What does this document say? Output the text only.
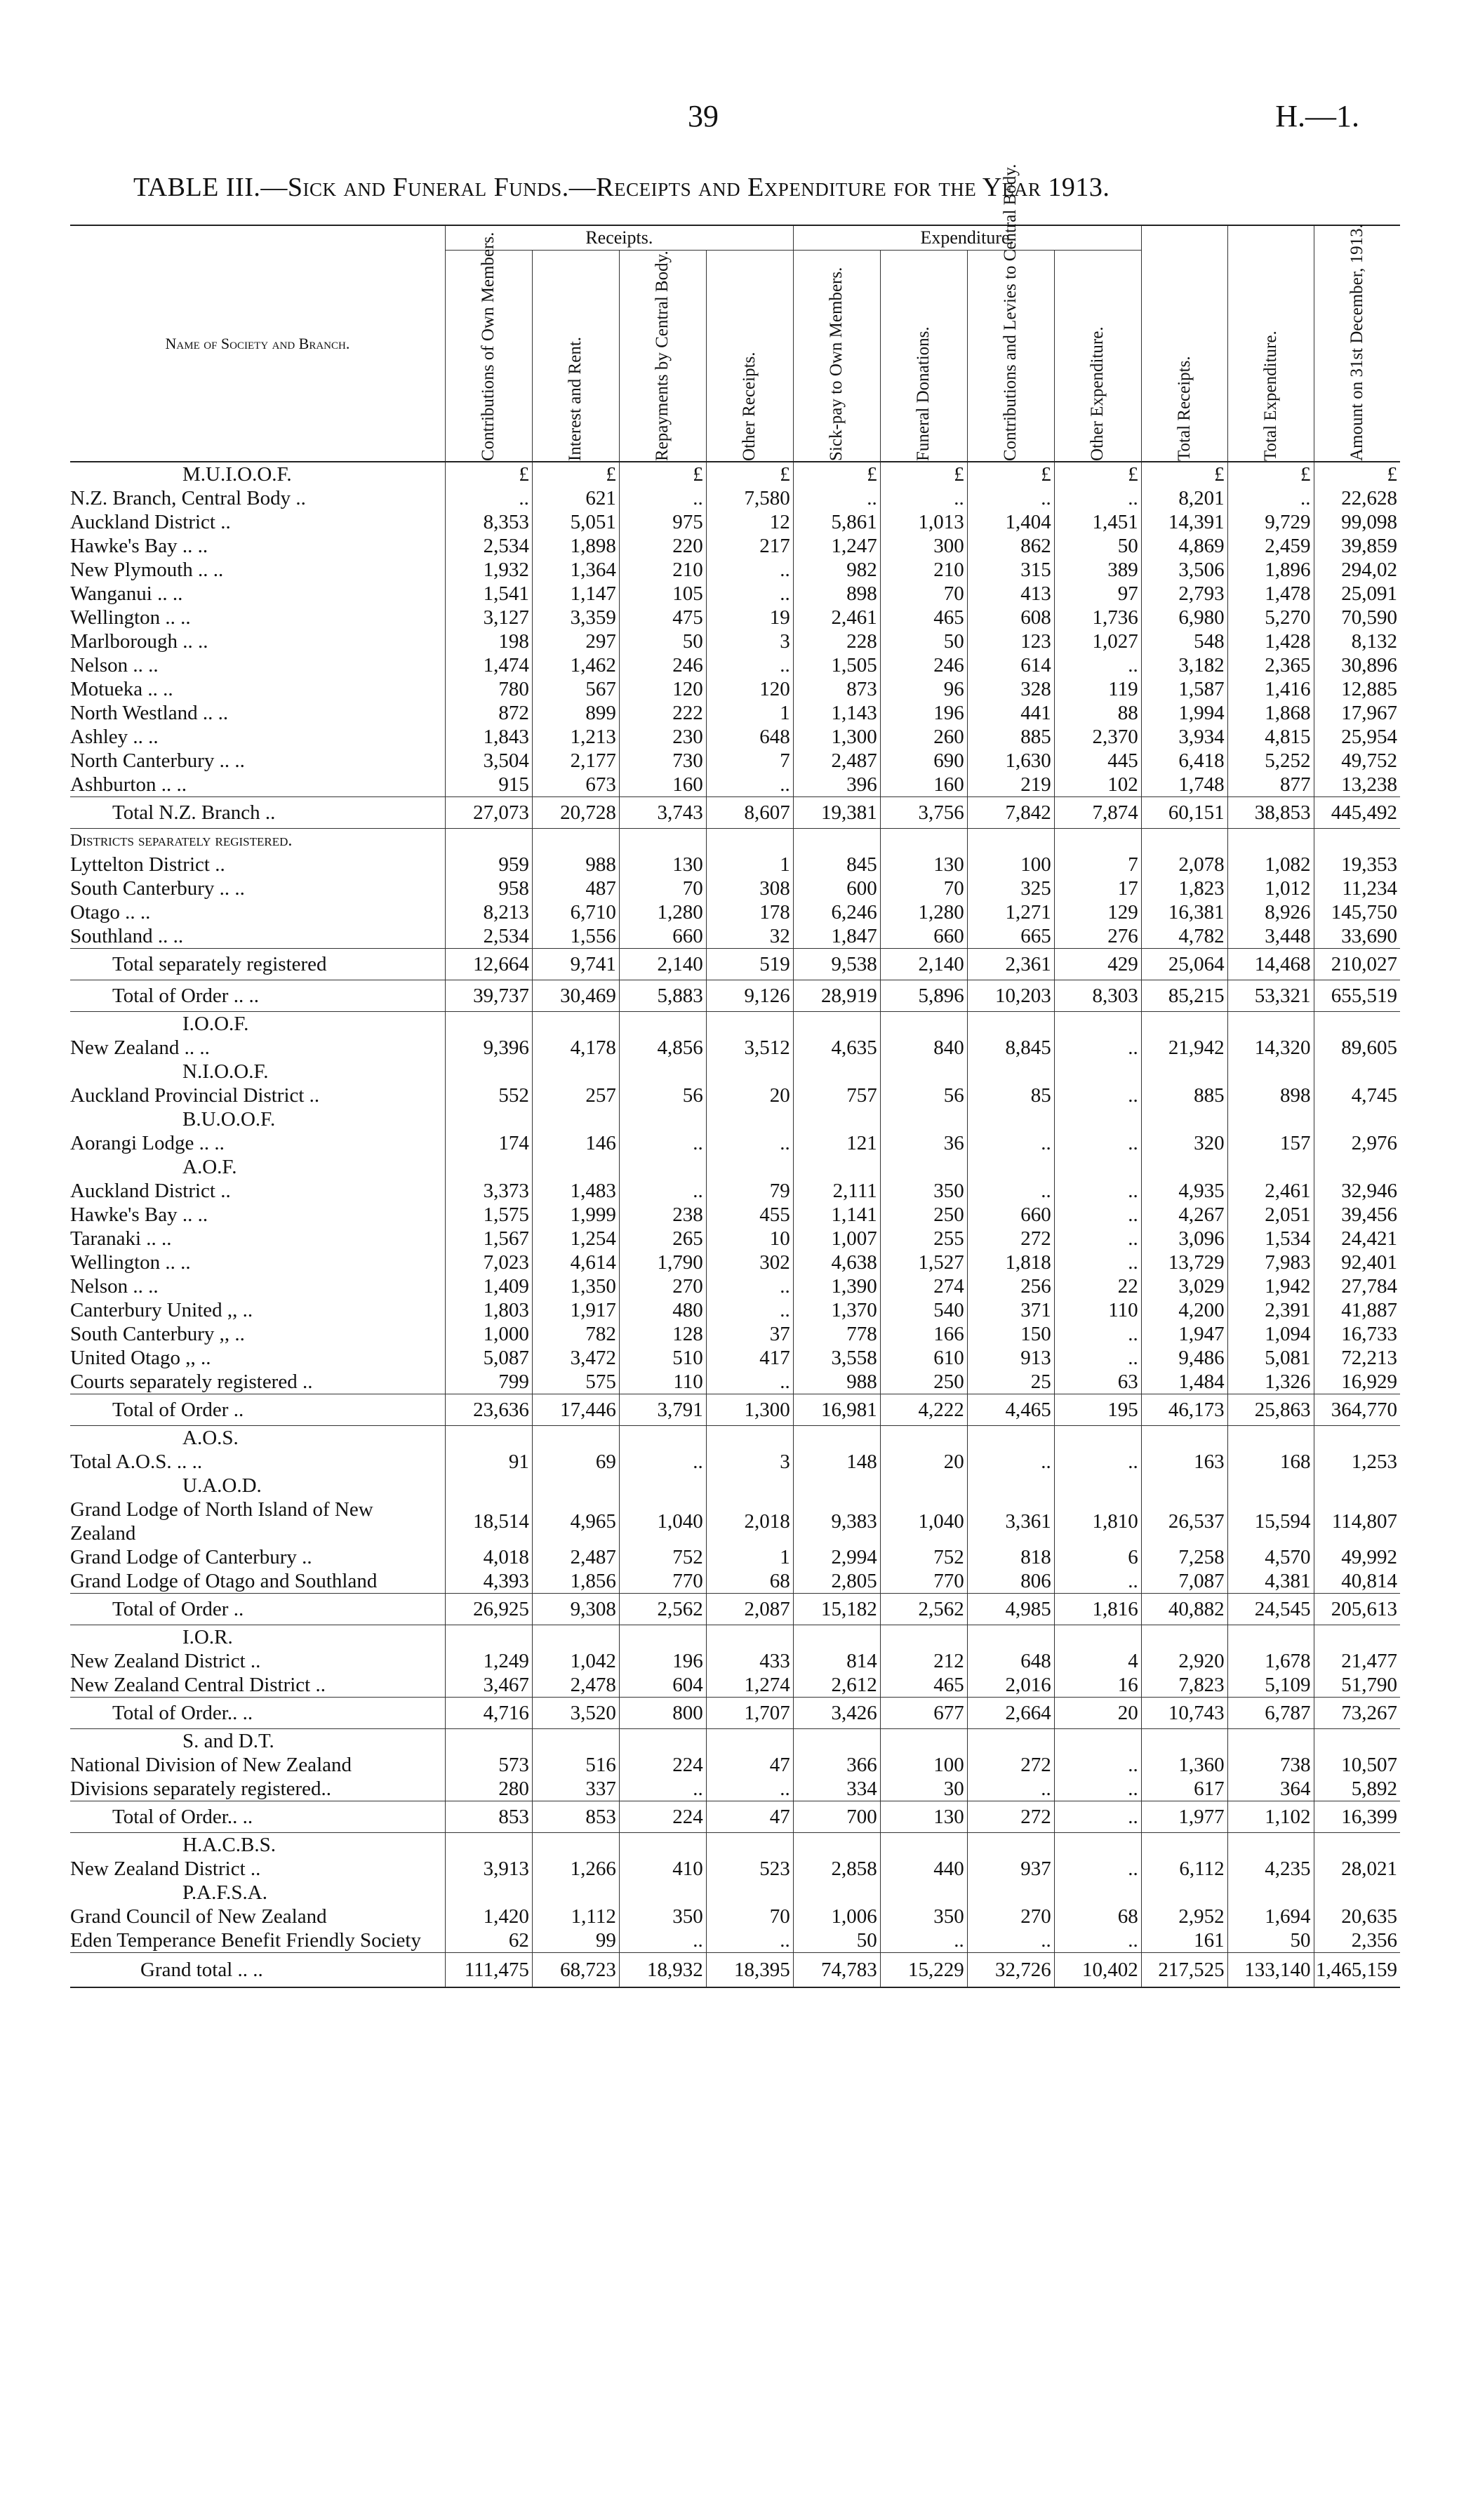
39	H.—1.
TABLE III.—Sick and Funeral Funds.—Receipts and Expenditure for the Year 1913.
Name of Society and Branch.	Receipts.				Expenditure.				Total Receipts.	Total Expenditure.	Amount on 31st December, 1913.

	Contributions of Own Members.	Interest and Rent.	Repayments by Central Body.	Other Receipts.	Sick-pay to Own Members.	Funeral Donations.	Contributions and Levies to Central Body.	Other Expenditure.			

M.U.I.O.O.F.	£	£	£	£	£	£	£	£	£	£	£
N.Z. Branch, Central Body ..	..	621	..	7,580	..	..	..	..	8,201	..	22,628
Auckland District ..	8,353	5,051	975	12	5,861	1,013	1,404	1,451	14,391	9,729	99,098
Hawke's Bay .. ..	2,534	1,898	220	217	1,247	300	862	50	4,869	2,459	39,859
New Plymouth .. ..	1,932	1,364	210	..	982	210	315	389	3,506	1,896	294,02
Wanganui .. ..	1,541	1,147	105	..	898	70	413	97	2,793	1,478	25,091
Wellington .. ..	3,127	3,359	475	19	2,461	465	608	1,736	6,980	5,270	70,590
Marlborough .. ..	198	297	50	3	228	50	123	1,027	548	1,428	8,132
Nelson .. ..	1,474	1,462	246	..	1,505	246	614	..	3,182	2,365	30,896
Motueka .. ..	780	567	120	120	873	96	328	119	1,587	1,416	12,885
North Westland .. ..	872	899	222	1	1,143	196	441	88	1,994	1,868	17,967
Ashley .. ..	1,843	1,213	230	648	1,300	260	885	2,370	3,934	4,815	25,954
North Canterbury .. ..	3,504	2,177	730	7	2,487	690	1,630	445	6,418	5,252	49,752
Ashburton .. ..	915	673	160	..	396	160	219	102	1,748	877	13,238
Total N.Z. Branch ..	27,073	20,728	3,743	8,607	19,381	3,756	7,842	7,874	60,151	38,853	445,492
Districts separately registered.											
Lyttelton District ..	959	988	130	1	845	130	100	7	2,078	1,082	19,353
South Canterbury .. ..	958	487	70	308	600	70	325	17	1,823	1,012	11,234
Otago .. ..	8,213	6,710	1,280	178	6,246	1,280	1,271	129	16,381	8,926	145,750
Southland .. ..	2,534	1,556	660	32	1,847	660	665	276	4,782	3,448	33,690
Total separately registered	12,664	9,741	2,140	519	9,538	2,140	2,361	429	25,064	14,468	210,027
Total of Order .. ..	39,737	30,469	5,883	9,126	28,919	5,896	10,203	8,303	85,215	53,321	655,519
I.O.O.F.											
New Zealand .. ..	9,396	4,178	4,856	3,512	4,635	840	8,845	..	21,942	14,320	89,605
N.I.O.O.F.											
Auckland Provincial District ..	552	257	56	20	757	56	85	..	885	898	4,745
B.U.O.O.F.											
Aorangi Lodge .. ..	174	146	..	..	121	36	..	..	320	157	2,976
A.O.F.											
Auckland District ..	3,373	1,483	..	79	2,111	350	..	..	4,935	2,461	32,946
Hawke's Bay .. ..	1,575	1,999	238	455	1,141	250	660	..	4,267	2,051	39,456
Taranaki .. ..	1,567	1,254	265	10	1,007	255	272	..	3,096	1,534	24,421
Wellington .. ..	7,023	4,614	1,790	302	4,638	1,527	1,818	..	13,729	7,983	92,401
Nelson .. ..	1,409	1,350	270	..	1,390	274	256	22	3,029	1,942	27,784
Canterbury United ,, ..	1,803	1,917	480	..	1,370	540	371	110	4,200	2,391	41,887
South Canterbury ,, ..	1,000	782	128	37	778	166	150	..	1,947	1,094	16,733
United Otago ,, ..	5,087	3,472	510	417	3,558	610	913	..	9,486	5,081	72,213
Courts separately registered ..	799	575	110	..	988	250	25	63	1,484	1,326	16,929
Total of Order ..	23,636	17,446	3,791	1,300	16,981	4,222	4,465	195	46,173	25,863	364,770
A.O.S.											
Total A.O.S. .. ..	91	69	..	3	148	20	..	..	163	168	1,253
U.A.O.D.											
Grand Lodge of North Island of New Zealand	18,514	4,965	1,040	2,018	9,383	1,040	3,361	1,810	26,537	15,594	114,807
Grand Lodge of Canterbury ..	4,018	2,487	752	1	2,994	752	818	6	7,258	4,570	49,992
Grand Lodge of Otago and Southland	4,393	1,856	770	68	2,805	770	806	..	7,087	4,381	40,814
Total of Order ..	26,925	9,308	2,562	2,087	15,182	2,562	4,985	1,816	40,882	24,545	205,613
I.O.R.											
New Zealand District ..	1,249	1,042	196	433	814	212	648	4	2,920	1,678	21,477
New Zealand Central District ..	3,467	2,478	604	1,274	2,612	465	2,016	16	7,823	5,109	51,790
Total of Order.. ..	4,716	3,520	800	1,707	3,426	677	2,664	20	10,743	6,787	73,267
S. and D.T.											
National Division of New Zealand	573	516	224	47	366	100	272	..	1,360	738	10,507
Divisions separately registered..	280	337	..	..	334	30	..	..	617	364	5,892
Total of Order.. ..	853	853	224	47	700	130	272	..	1,977	1,102	16,399
H.A.C.B.S.											
New Zealand District ..	3,913	1,266	410	523	2,858	440	937	..	6,112	4,235	28,021
P.A.F.S.A.											
Grand Council of New Zealand	1,420	1,112	350	70	1,006	350	270	68	2,952	1,694	20,635
Eden Temperance Benefit Friendly Society	62	99	..	..	50	..	..	..	161	50	2,356
Grand total .. ..	111,475	68,723	18,932	18,395	74,783	15,229	32,726	10,402	217,525	133,140	1,465,159
